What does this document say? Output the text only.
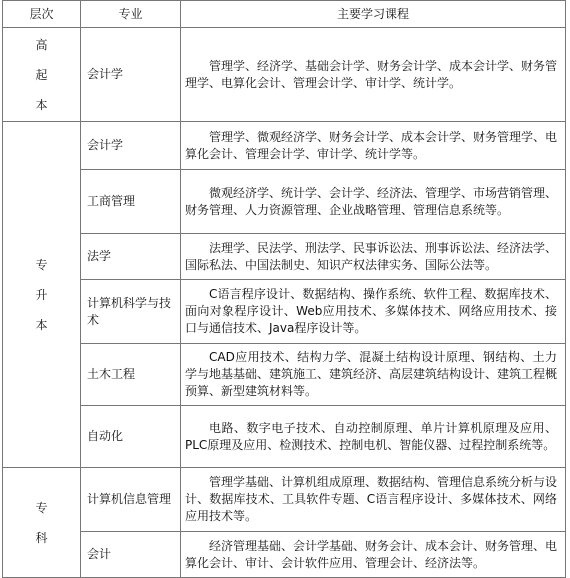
层次	专业	主要学习课程
高起本	会计学	管理学、经济学、基础会计学、财务会计学、成本会计学、财务管理学、电算化会计、管理会计学、审计学、统计学。
专升本	会计学	管理学、微观经济学、财务会计学、成本会计学、财务管理学、电算化会计、管理会计学、审计学、统计学等。
	工商管理	微观经济学、统计学、会计学、经济法、管理学、市场营销管理、财务管理、人力资源管理、企业战略管理、管理信息系统等。
	法学	法理学、民法学、刑法学、民事诉讼法、刑事诉讼法、经济法学、国际私法、中国法制史、知识产权法律实务、国际公法等。
	计算机科学与技术	C语言程序设计、数据结构、操作系统、软件工程、数据库技术、面向对象程序设计、Web应用技术、多媒体技术、网络应用技术、接口与通信技术、Java程序设计等。
	土木工程	CAD应用技术、结构力学、混凝土结构设计原理、钢结构、土力学与地基基础、建筑施工、建筑经济、高层建筑结构设计、建筑工程概预算、新型建筑材料等。
	自动化	电路、数字电子技术、自动控制原理、单片计算机原理及应用、PLC原理及应用、检测技术、控制电机、智能仪器、过程控制系统等。
专科	计算机信息管理	管理学基础、计算机组成原理、数据结构、管理信息系统分析与设计、数据库技术、工具软件专题、C语言程序设计、多媒体技术、网络应用技术等。
	会计	经济管理基础、会计学基础、财务会计、成本会计、财务管理、电算化会计、审计、会计软件应用、管理会计、经济法等。
